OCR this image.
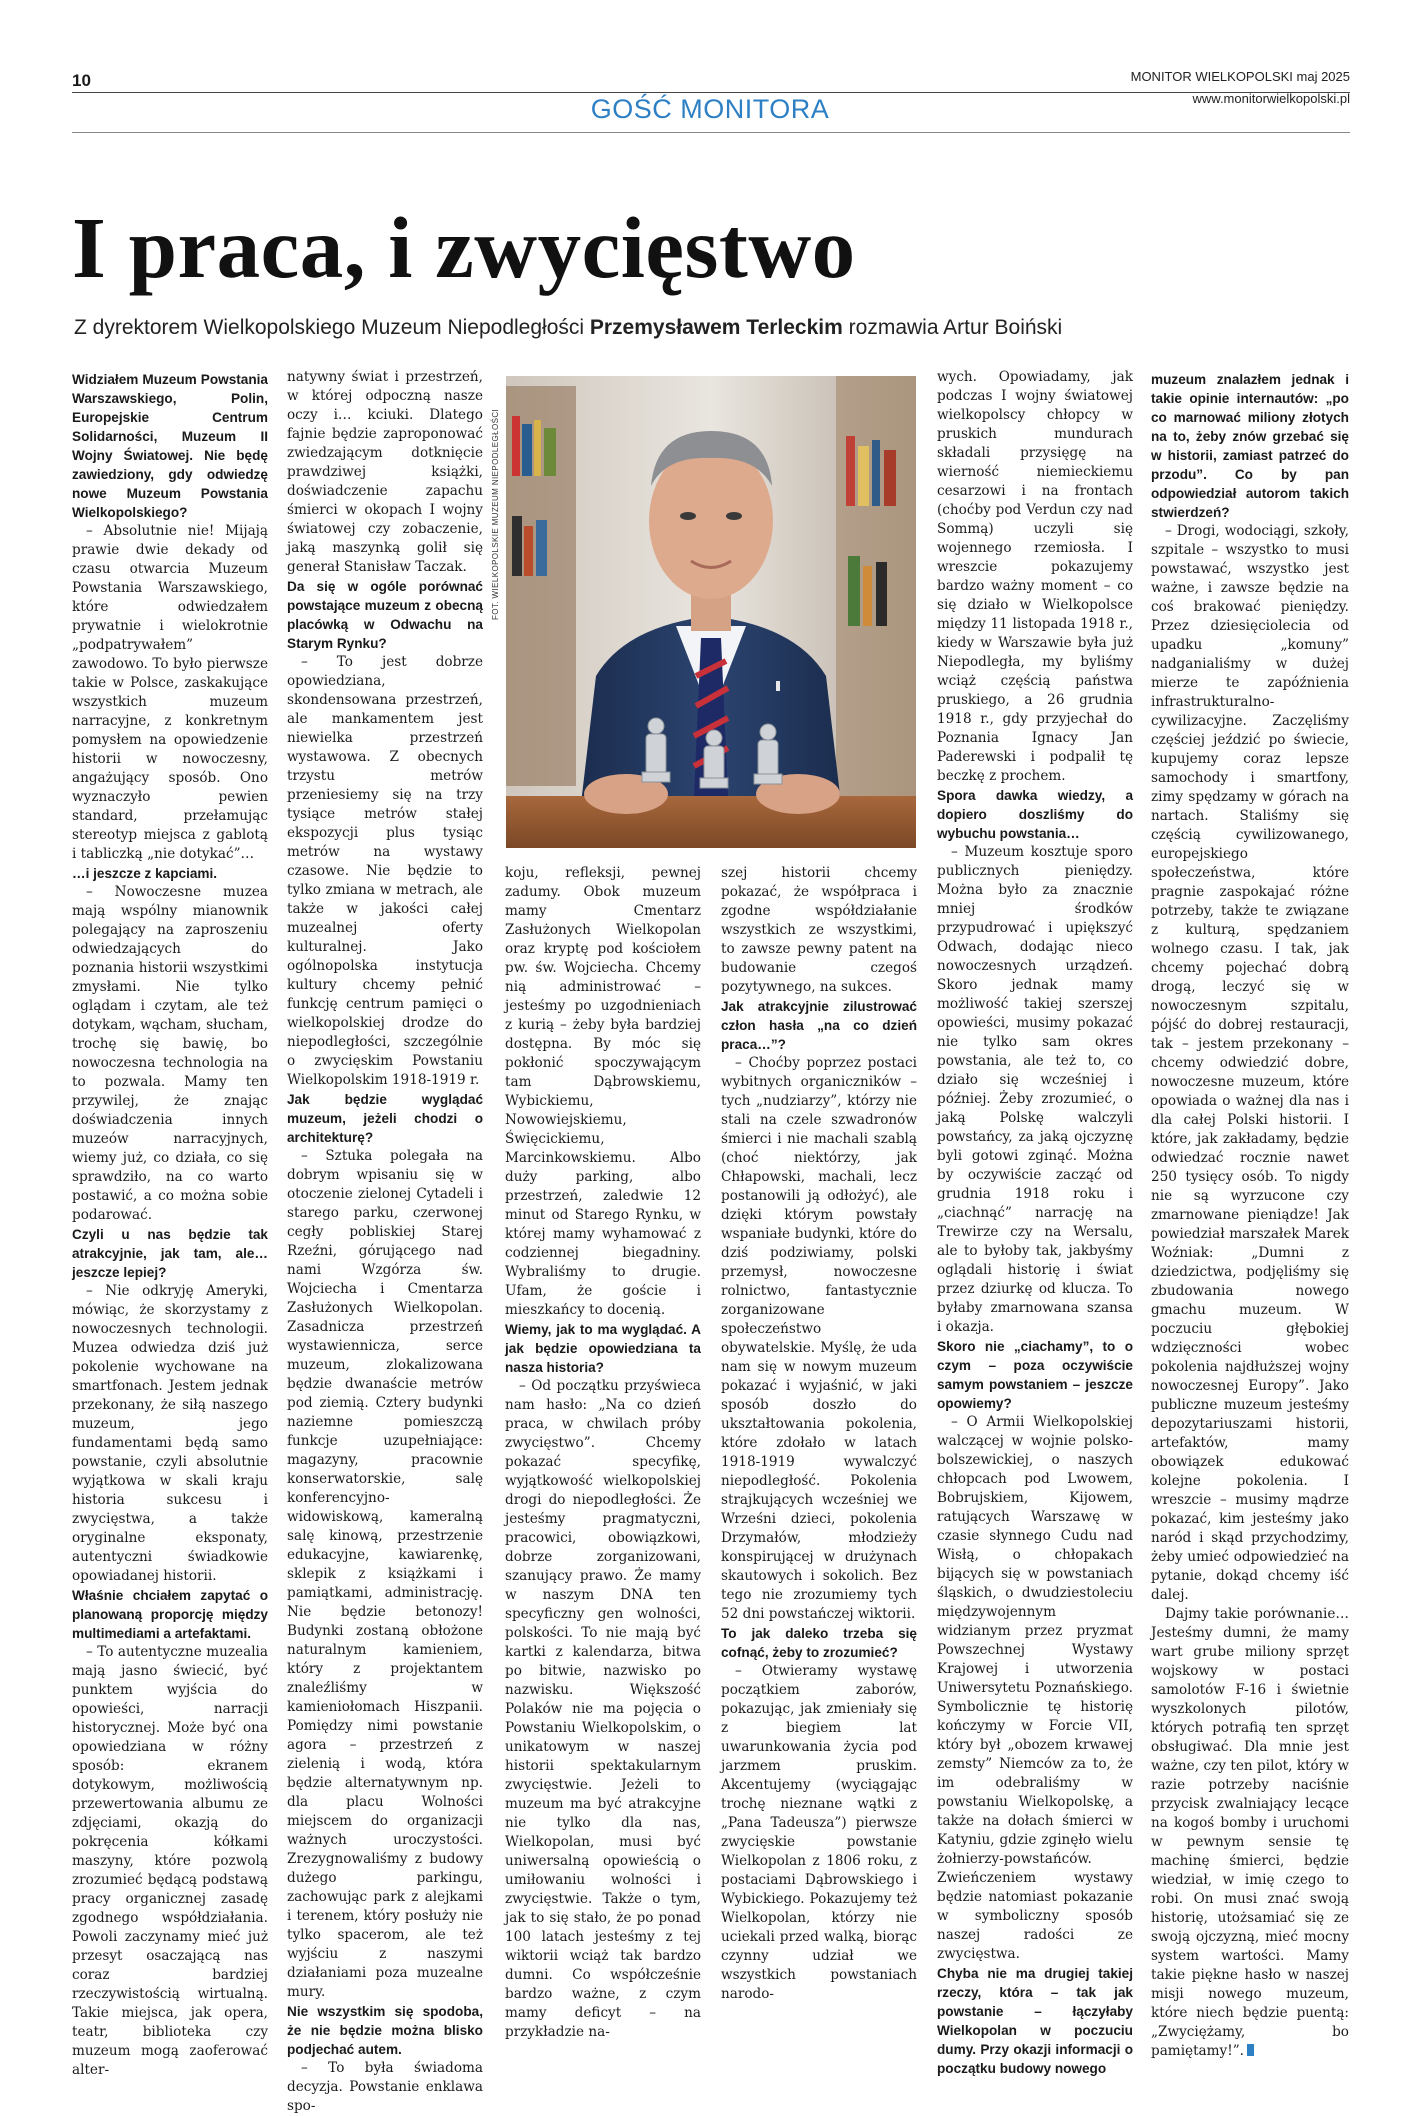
10	MONITOR WIELKOPOLSKI maj 2025
www.monitorwielkopolski.pl
GOŚĆ MONITORA
I praca, i zwycięstwo
Z dyrektorem Wielkopolskiego Muzeum Niepodległości Przemysławem Terleckim rozmawia Artur Boiński
FOT. WIELKOPOLSKIE MUZEUM NIEPODLEGŁOŚCI

Widziałem Muzeum Powstania Warszawskiego, Polin, Europejskie Centrum Solidarności, Muzeum II Wojny Światowej. Nie będę zawiedziony, gdy odwiedzę nowe Muzeum Powstania Wielkopolskiego?

– Absolutnie nie! Mijają prawie dwie dekady od czasu otwarcia Muzeum Powstania Warszawskiego, które odwiedzałem prywatnie i wielokrotnie „podpatrywałem” zawodowo. To było pierwsze takie w Polsce, zaskakujące wszystkich muzeum narracyjne, z konkretnym pomysłem na opowiedzenie historii w nowoczesny, angażujący sposób. Ono wyznaczyło pewien standard, przełamując stereotyp miejsca z gablotą i tabliczką „nie dotykać”…

…i jeszcze z kapciami.

– Nowoczesne muzea mają wspólny mianownik polegający na zaproszeniu odwiedzających do poznania historii wszystkimi zmysłami. Nie tylko oglądam i czytam, ale też dotykam, wącham, słucham, trochę się bawię, bo nowoczesna technologia na to pozwala. Mamy ten przywilej, że znając doświadczenia innych muzeów narracyjnych, wiemy już, co działa, co się sprawdziło, na co warto postawić, a co można sobie podarować.

Czyli u nas będzie tak atrakcyjnie, jak tam, ale… jeszcze lepiej?

– Nie odkryję Ameryki, mówiąc, że skorzystamy z nowoczesnych technologii. Muzea odwiedza dziś już pokolenie wychowane na smartfonach. Jestem jednak przekonany, że siłą naszego muzeum, jego fundamentami będą samo powstanie, czyli absolutnie wyjątkowa w skali kraju historia sukcesu i zwycięstwa, a także oryginalne eksponaty, autentyczni świadkowie opowiadanej historii.

Właśnie chciałem zapytać o planowaną proporcję między multimediami a artefaktami.

– To autentyczne muzealia mają jasno świecić, być punktem wyjścia do opowieści, narracji historycznej. Może być ona opowiedziana w różny sposób: ekranem dotykowym, możliwością przewertowania albumu ze zdjęciami, okazją do pokręcenia kółkami maszyny, które pozwolą zrozumieć będącą podstawą pracy organicznej zasadę zgodnego współdziałania. Powoli zaczynamy mieć już przesyt osaczającą nas coraz bardziej rzeczywistością wirtualną. Takie miejsca, jak opera, teatr, biblioteka czy muzeum mogą zaoferować alter-

natywny świat i przestrzeń, w której odpoczną nasze oczy i… kciuki. Dlatego fajnie będzie zaproponować zwiedzającym dotknięcie prawdziwej książki, doświadczenie zapachu śmierci w okopach I wojny światowej czy zobaczenie, jaką maszynką golił się generał Stanisław Taczak.

Da się w ogóle porównać powstające muzeum z obecną placówką w Odwachu na Starym Rynku?

– To jest dobrze opowiedziana, skondensowana przestrzeń, ale mankamentem jest niewielka przestrzeń wystawowa. Z obecnych trzystu metrów przeniesiemy się na trzy tysiące metrów stałej ekspozycji plus tysiąc metrów na wystawy czasowe. Nie będzie to tylko zmiana w metrach, ale także w jakości całej muzealnej oferty kulturalnej. Jako ogólnopolska instytucja kultury chcemy pełnić funkcję centrum pamięci o wielkopolskiej drodze do niepodległości, szczególnie o zwycięskim Powstaniu Wielkopolskim 1918-1919 r.

Jak będzie wyglądać muzeum, jeżeli chodzi o architekturę?

– Sztuka polegała na dobrym wpisaniu się w otoczenie zielonej Cytadeli i starego parku, czerwonej cegły pobliskiej Starej Rzeźni, górującego nad nami Wzgórza św. Wojciecha i Cmentarza Zasłużonych Wielkopolan. Zasadnicza przestrzeń wystawiennicza, serce muzeum, zlokalizowana będzie dwanaście metrów pod ziemią. Cztery budynki naziemne pomieszczą funkcje uzupełniające: magazyny, pracownie konserwatorskie, salę konferencyjno-widowiskową, kameralną salę kinową, przestrzenie edukacyjne, kawiarenkę, sklepik z książkami i pamiątkami, administrację. Nie będzie betonozy! Budynki zostaną obłożone naturalnym kamieniem, który z projektantem znaleźliśmy w kamieniołomach Hiszpanii. Pomiędzy nimi powstanie agora – przestrzeń z zielenią i wodą, która będzie alternatywnym np. dla placu Wolności miejscem do organizacji ważnych uroczystości. Zrezygnowaliśmy z budowy dużego parkingu, zachowując park z alejkami i terenem, który posłuży nie tylko spacerom, ale też wyjściu z naszymi działaniami poza muzealne mury.

Nie wszystkim się spodoba, że nie będzie można blisko podjechać autem.

– To była świadoma decyzja. Powstanie enklawa spo-

koju, refleksji, pewnej zadumy. Obok muzeum mamy Cmentarz Zasłużonych Wielkopolan oraz kryptę pod kościołem pw. św. Wojciecha. Chcemy nią administrować – jesteśmy po uzgodnieniach z kurią – żeby była bardziej dostępna. By móc się pokłonić spoczywającym tam Dąbrowskiemu, Wybickiemu, Nowowiejskiemu, Święcickiemu, Marcinkowskiemu. Albo duży parking, albo przestrzeń, zaledwie 12 minut od Starego Rynku, w której mamy wyhamować z codziennej biegadniny. Wybraliśmy to drugie. Ufam, że goście i mieszkańcy to docenią.

Wiemy, jak to ma wyglądać. A jak będzie opowiedziana ta nasza historia?

– Od początku przyświeca nam hasło: „Na co dzień praca, w chwilach próby zwycięstwo”. Chcemy pokazać specyfikę, wyjątkowość wielkopolskiej drogi do niepodległości. Że jesteśmy pragmatyczni, pracowici, obowiązkowi, dobrze zorganizowani, szanujący prawo. Że mamy w naszym DNA ten specyficzny gen wolności, polskości. To nie mają być kartki z kalendarza, bitwa po bitwie, nazwisko po nazwisku. Większość Polaków nie ma pojęcia o Powstaniu Wielkopolskim, o unikatowym w naszej historii spektakularnym zwycięstwie. Jeżeli to muzeum ma być atrakcyjne nie tylko dla nas, Wielkopolan, musi być uniwersalną opowieścią o umiłowaniu wolności i zwycięstwie. Także o tym, jak to się stało, że po ponad 100 latach jesteśmy z tej wiktorii wciąż tak bardzo dumni. Co współcześnie bardzo ważne, z czym mamy deficyt – na przykładzie na-

szej historii chcemy pokazać, że współpraca i zgodne współdziałanie wszystkich ze wszystkimi, to zawsze pewny patent na budowanie czegoś pozytywnego, na sukces.

Jak atrakcyjnie zilustrować człon hasła „na co dzień praca…”?

– Choćby poprzez postaci wybitnych organiczników – tych „nudziarzy”, którzy nie stali na czele szwadronów śmierci i nie machali szablą (choć niektórzy, jak Chłapowski, machali, lecz postanowili ją odłożyć), ale dzięki którym powstały wspaniałe budynki, które do dziś podziwiamy, polski przemysł, nowoczesne rolnictwo, fantastycznie zorganizowane społeczeństwo obywatelskie. Myślę, że uda nam się w nowym muzeum pokazać i wyjaśnić, w jaki sposób doszło do ukształtowania pokolenia, które zdołało w latach 1918-1919 wywalczyć niepodległość. Pokolenia strajkujących wcześniej we Wrześni dzieci, pokolenia Drzymałów, młodzieży konspirującej w drużynach skautowych i sokolich. Bez tego nie zrozumiemy tych 52 dni powstańczej wiktorii.

To jak daleko trzeba się cofnąć, żeby to zrozumieć?

– Otwieramy wystawę początkiem zaborów, pokazując, jak zmieniały się z biegiem lat uwarunkowania życia pod jarzmem pruskim. Akcentujemy (wyciągając trochę nieznane wątki z „Pana Tadeusza”) pierwsze zwycięskie powstanie Wielkopolan z 1806 roku, z postaciami Dąbrowskiego i Wybickiego. Pokazujemy też Wielkopolan, którzy nie uciekali przed walką, biorąc czynny udział we wszystkich powstaniach narodo-

wych. Opowiadamy, jak podczas I wojny światowej wielkopolscy chłopcy w pruskich mundurach składali przysięgę na wierność niemieckiemu cesarzowi i na frontach (choćby pod Verdun czy nad Sommą) uczyli się wojennego rzemiosła. I wreszcie pokazujemy bardzo ważny moment – co się działo w Wielkopolsce między 11 listopada 1918 r., kiedy w Warszawie była już Niepodległa, my byliśmy wciąż częścią państwa pruskiego, a 26 grudnia 1918 r., gdy przyjechał do Poznania Ignacy Jan Paderewski i podpalił tę beczkę z prochem.

Spora dawka wiedzy, a dopiero doszliśmy do wybuchu powstania…

– Muzeum kosztuje sporo publicznych pieniędzy. Można było za znacznie mniej środków przypudrować i upiększyć Odwach, dodając nieco nowoczesnych urządzeń. Skoro jednak mamy możliwość takiej szerszej opowieści, musimy pokazać nie tylko sam okres powstania, ale też to, co działo się wcześniej i później. Żeby zrozumieć, o jaką Polskę walczyli powstańcy, za jaką ojczyznę byli gotowi zginąć. Można by oczywiście zacząć od grudnia 1918 roku i „ciachnąć” narrację na Trewirze czy na Wersalu, ale to byłoby tak, jakbyśmy oglądali historię i świat przez dziurkę od klucza. To byłaby zmarnowana szansa i okazja.

Skoro nie „ciachamy”, to o czym – poza oczywiście samym powstaniem – jeszcze opowiemy?

– O Armii Wielkopolskiej walczącej w wojnie polsko-bolszewickiej, o naszych chłopcach pod Lwowem, Bobrujskiem, Kijowem, ratujących Warszawę w czasie słynnego Cudu nad Wisłą, o chłopakach bijących się w powstaniach śląskich, o dwudziestoleciu międzywojennym widzianym przez pryzmat Powszechnej Wystawy Krajowej i utworzenia Uniwersytetu Poznańskiego. Symbolicznie tę historię kończymy w Forcie VII, który był „obozem krwawej zemsty” Niemców za to, że im odebraliśmy w powstaniu Wielkopolskę, a także na dołach śmierci w Katyniu, gdzie zginęło wielu żołnierzy-powstańców. Zwieńczeniem wystawy będzie natomiast pokazanie w symboliczny sposób naszej radości ze zwycięstwa.

Chyba nie ma drugiej takiej rzeczy, która – tak jak powstanie – łączyłaby Wielkopolan w poczuciu dumy. Przy okazji informacji o początku budowy nowego

muzeum znalazłem jednak i takie opinie internautów: „po co marnować miliony złotych na to, żeby znów grzebać się w historii, zamiast patrzeć do przodu”. Co by pan odpowiedział autorom takich stwierdzeń?

– Drogi, wodociągi, szkoły, szpitale – wszystko to musi powstawać, wszystko jest ważne, i zawsze będzie na coś brakować pieniędzy. Przez dziesięciolecia od upadku „komuny” nadganialiśmy w dużej mierze te zapóźnienia infrastrukturalno-cywilizacyjne. Zaczęliśmy częściej jeździć po świecie, kupujemy coraz lepsze samochody i smartfony, zimy spędzamy w górach na nartach. Staliśmy się częścią cywilizowanego, europejskiego społeczeństwa, które pragnie zaspokajać różne potrzeby, także te związane z kulturą, spędzaniem wolnego czasu. I tak, jak chcemy pojechać dobrą drogą, leczyć się w nowoczesnym szpitalu, pójść do dobrej restauracji, tak – jestem przekonany – chcemy odwiedzić dobre, nowoczesne muzeum, które opowiada o ważnej dla nas i dla całej Polski historii. I które, jak zakładamy, będzie odwiedzać rocznie nawet 250 tysięcy osób. To nigdy nie są wyrzucone czy zmarnowane pieniądze! Jak powiedział marszałek Marek Woźniak: „Dumni z dziedzictwa, podjęliśmy się zbudowania nowego gmachu muzeum. W poczuciu głębokiej wdzięczności wobec pokolenia najdłuższej wojny nowoczesnej Europy”. Jako publiczne muzeum jesteśmy depozytariuszami historii, artefaktów, mamy obowiązek edukować kolejne pokolenia. I wreszcie – musimy mądrze pokazać, kim jesteśmy jako naród i skąd przychodzimy, żeby umieć odpowiedzieć na pytanie, dokąd chcemy iść dalej.

Dajmy takie porównanie… Jesteśmy dumni, że mamy wart grube miliony sprzęt wojskowy w postaci samolotów F-16 i świetnie wyszkolonych pilotów, których potrafią ten sprzęt obsługiwać. Dla mnie jest ważne, czy ten pilot, który w razie potrzeby naciśnie przycisk zwalniający lecące na kogoś bomby i uruchomi w pewnym sensie tę machinę śmierci, będzie wiedział, w imię czego to robi. On musi znać swoją historię, utożsamiać się ze swoją ojczyzną, mieć mocny system wartości. Mamy takie piękne hasło w naszej misji nowego muzeum, które niech będzie puentą: „Zwyciężamy, bo pamiętamy!”.
